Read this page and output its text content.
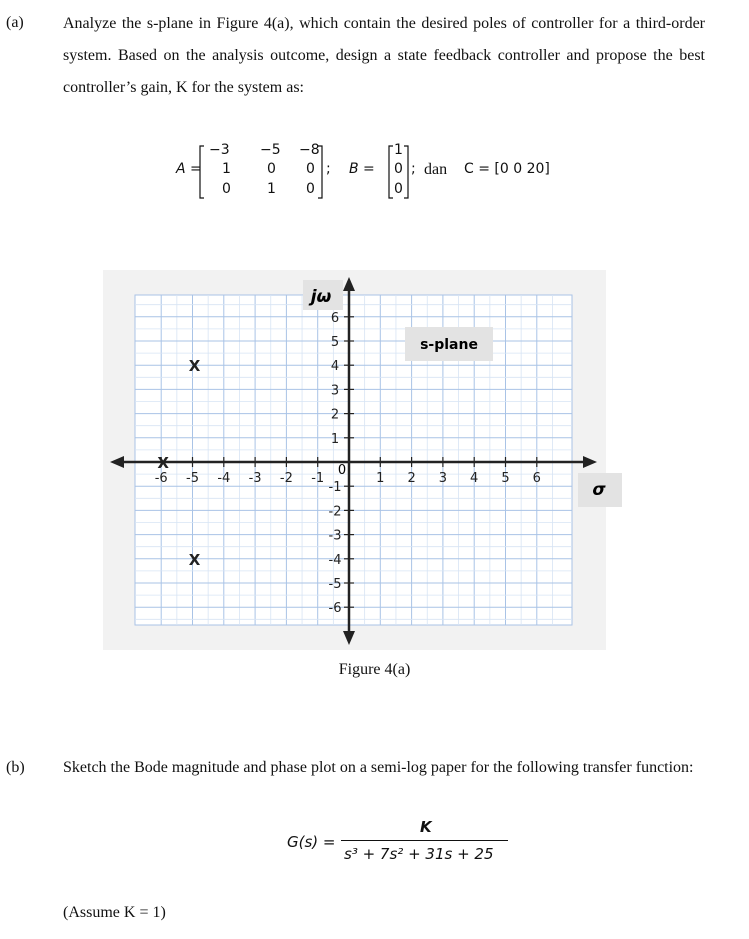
(a) Analyze the s-plane in Figure 4(a), which contain the desired poles of controller for a third-order system. Based on the analysis outcome, design a state feedback controller and propose the best controller’s gain, K for the system as:
A =
−3 −5 −8
1	0 0
0	1 0
; B =
1
0
0
; dan C = [0 0 20]
s-plane
jω
σ
-6 -5 -4 -3 -2 -1	1 2 3 4 5 6
6
5
4
3
2
1
-1
-2
-3
-4
-5
-6
0
X
X
X
Figure 4(a)
(b) Sketch the Bode magnitude and phase plot on a semi-log paper for the following transfer function:
G(s) =
K
s³ + 7s² + 31s + 25
(Assume K = 1)
